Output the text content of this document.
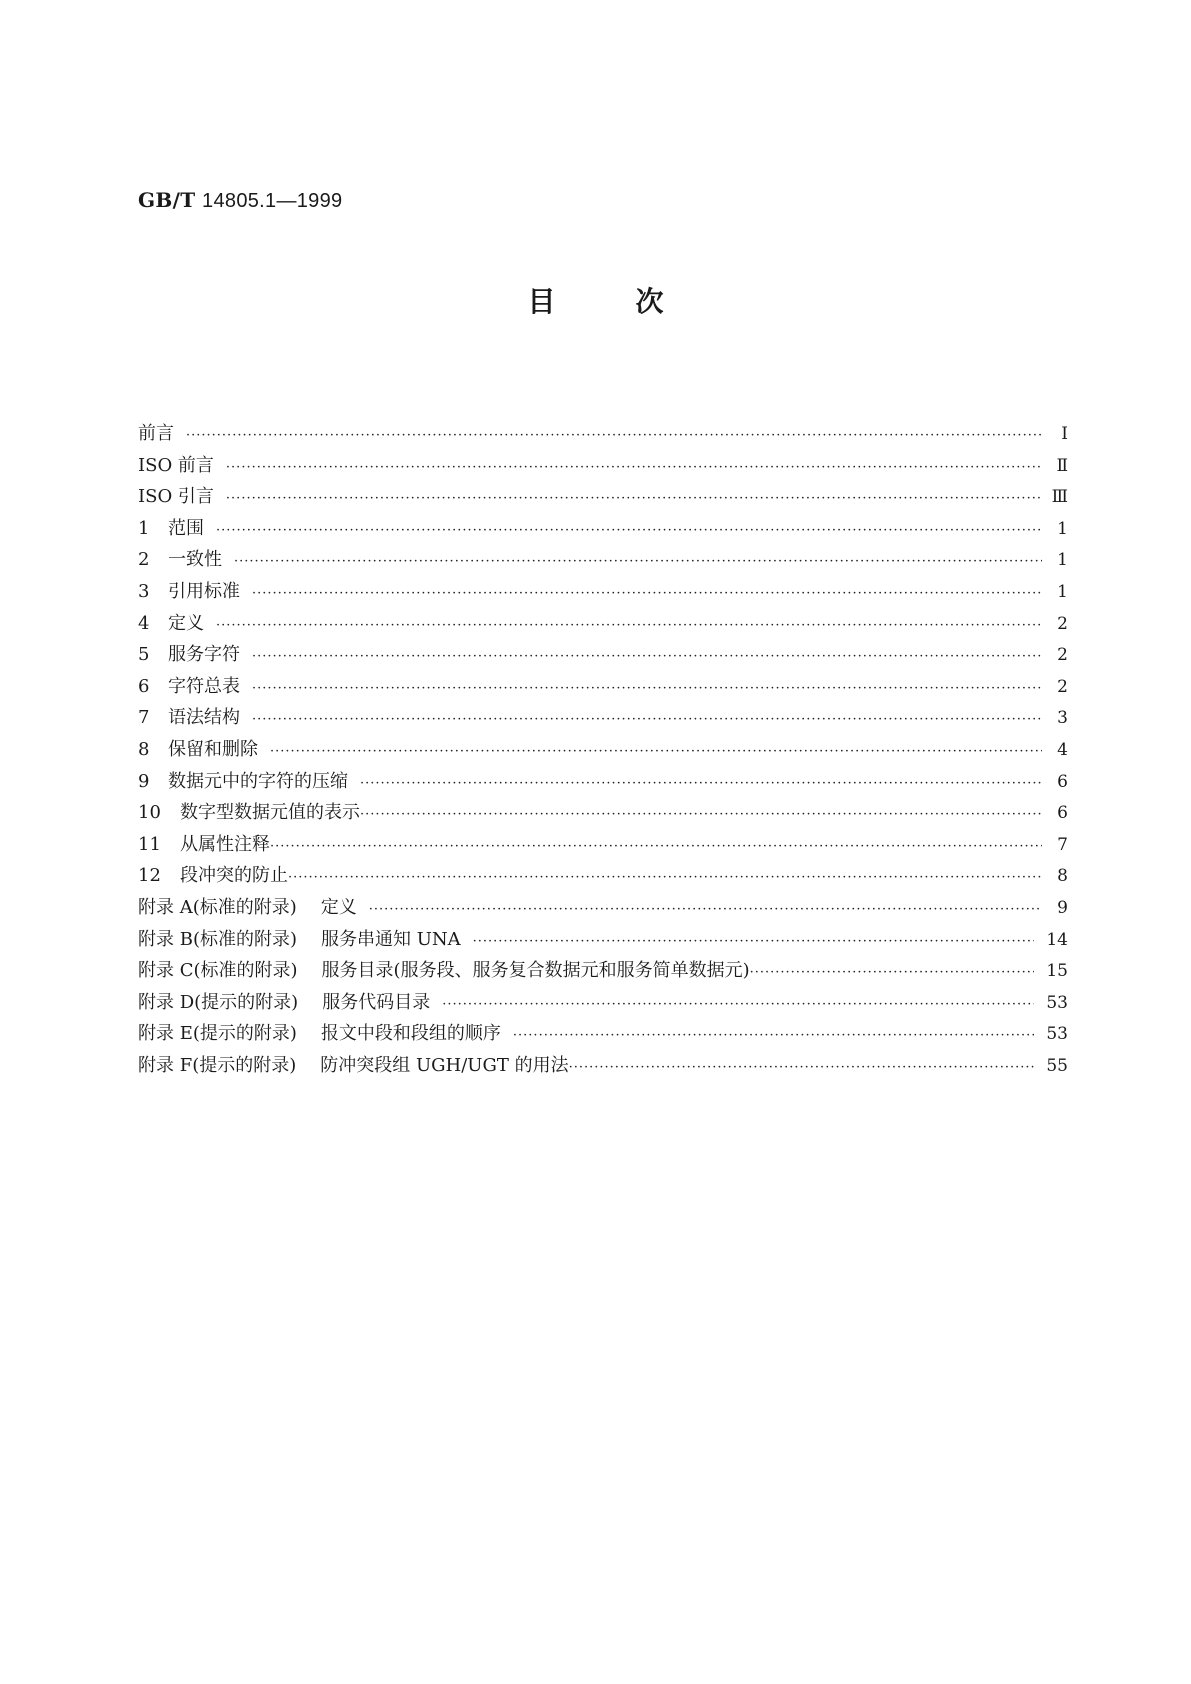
GB/T 14805.1—1999
目次
前言 ·····	Ⅰ
ISO 前言 ·····	Ⅱ
ISO 引言 ·····	Ⅲ
1 范围 ·····	1
2 一致性 ·····	1
3 引用标准 ·····	1
4 定义 ·····	2
5 服务字符 ·····	2
6 字符总表 ·····	2
7 语法结构 ·····	3
8 保留和删除 ·····	4
9 数据元中的字符的压缩 ·····	6
10 数字型数据元值的表示 ·····	6
11 从属性注释 ·····	7
12 段冲突的防止 ·····	8
附录 A(标准的附录) 定义 ·····	9
附录 B(标准的附录) 服务串通知 UNA ·····	14
附录 C(标准的附录) 服务目录(服务段、服务复合数据元和服务简单数据元) ·····	15
附录 D(提示的附录) 服务代码目录 ·····	53
附录 E(提示的附录) 报文中段和段组的顺序 ·····	53
附录 F(提示的附录) 防冲突段组 UGH/UGT 的用法 ·····	55
